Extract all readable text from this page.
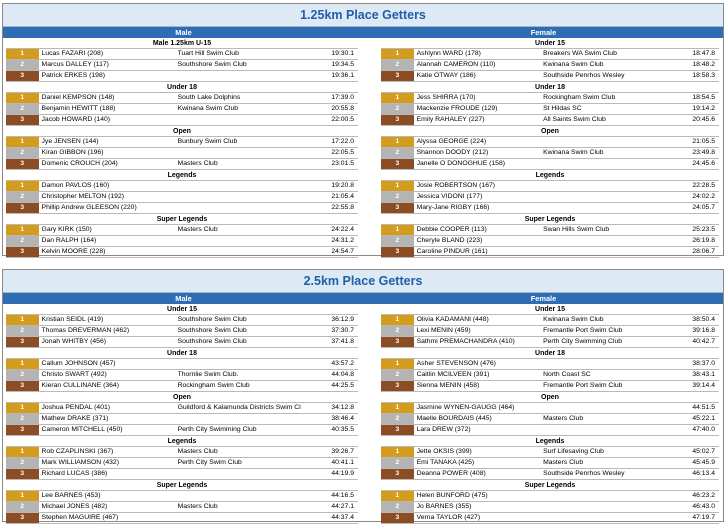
1.25km Place Getters
Male	Female
Male 1.25km U-15
1	Lucas FAZARI (208)	Tuart Hill Swim Club	19:30.1
2	Marcus DALLEY (117)	Southshore Swim Club	19:34.5
3	Patrick ERKES (198)	19:36.1
Under 18
1	Daniel KEMPSON (148)	South Lake Dolphins	17:39.0
2	Benjamin HEWITT (188)	Kwinana Swim Club	20:55.8
3	Jacob HOWARD (140)	22:00.5
Open
1	Jye JENSEN (144)	Bunbury Swim Club	17:22.0
2	Kiran GIBBON (196)	22:05.5
3	Domenic CROUCH (204)	Masters Club	23:01.5
Legends
1	Damon PAVLOS (160)	19:20.8
2	Christopher MELTON (192)	21:05.4
3	Phillip Andrew GLEESON (220)	22:55.8
Super Legends
1	Gary KIRK (150)	Masters Club	24:22.4
2	Dan RALPH (164)	24:31.2
3	Kelvin MOORE (228)	24:54.7
Under 15
1	Ashlynn WARD (178)	Breakers WA Swim Club	18:47.8
2	Alannah CAMERON (110)	Kwinana Swim Club	18:48.2
3	Katie OTWAY (186)	Southside Penrhos Wesley	18:58.3
Under 18
1	Jess SHIRRA (170)	Rockingham Swim Club	18:54.5
2	Mackenzie FROUDE (129)	St Hildas SC	19:14.2
3	Emily RAHALEY (227)	All Saints Swim Club	20:45.6
Open
1	Alyssa GEORGE (224)	21:05.5
2	Shannon DOODY (212)	Kwinana Swim Club	23:49.8
3	Janelle O DONOGHUE (158)	24:45.6
Legends
1	Josie ROBERTSON (167)	22:28.5
2	Jessica VIDONI (177)	24:02.2
3	Mary-Jane RIGBY (166)	24:05.7
Super Legends
1	Debbie COOPER (113)	Swan Hills Swim Club	25:23.5
2	Cheryle BLAND (223)	26:19.8
3	Caroline PINDUR (161)	28:06.7
2.5km Place Getters
Male	Female
Under 15
1	Kristian SEIDL (419)	Southshore Swim Club	36:12.9
2	Thomas DREVERMAN (462)	Southshore Swim Club	37:30.7
3	Jonah WHITBY (456)	Southshore Swim Club	37:41.8
Under 18
1	Callum JOHNSON (457)	43:57.2
2	Christo SWART (492)	Thornlie Swim Club.	44:04.8
3	Kieran CULLINANE (364)	Rockingham Swim Club	44:25.5
Open
1	Joshua PENDAL (401)	Guildford & Kalamunda Districts Swim Cl	34:12.8
2	Mathew DRAKE (371)	38:46.4
3	Cameron MITCHELL (450)	Perth City Swimming Club	40:35.5
Legends
1	Rob CZAPLINSKI (367)	Masters Club	39:26.7
2	Mark WILLIAMSON (432)	Perth City Swim Club	40:41.1
3	Richard LUCAS (386)	44:19.9
Super Legends
1	Lee BARNES (453)	44:16.5
2	Michael JONES (482)	Masters Club	44:27.1
3	Stephen MAGUIRE (467)	44:37.4
Under 15
1	Olivia KADAMANI (448)	Kwinana Swim Club	38:50.4
2	Lexi MENIN (459)	Fremantle Port Swim Club	39:16.8
3	Sathmi PREMACHANDRA (410)	Perth City Swimming Club	40:42.7
Under 18
1	Asher STEVENSON (476)	38:37.0
2	Caitlin MCILVEEN (391)	North Coast SC	38:43.1
3	Sienna MENIN (458)	Fremantle Port Swim Club	39:14.4
Open
1	Jasmine WYNEN-GAUGG (464)	44:51.5
2	Maelle BOURDAIS (445)	Masters Club	45:22.1
3	Lara DREW (372)	47:40.0
Legends
1	Jette OKSIS (399)	Surf Lifesaving Club	45:02.7
2	Emi TANAKA (425)	Masters Club	45:45.9
3	Deanna POWER (408)	Southside Penrhos Wesley	46:13.4
Super Legends
1	Helen BUNFORD (475)	46:23.2
2	Jo BARNES (355)	46:43.0
3	Verna TAYLOR (427)	47:19.7
